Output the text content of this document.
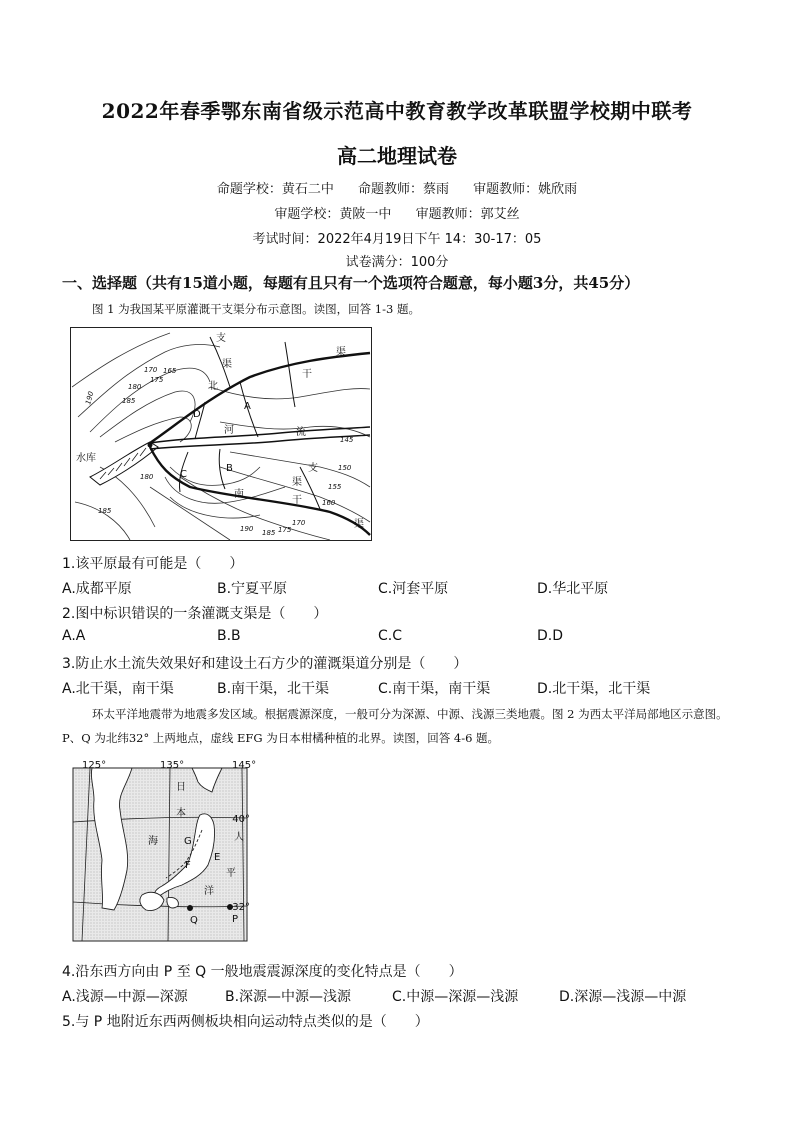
2022年春季鄂东南省级示范高中教育教学改革联盟学校期中联考
高二地理试卷
命题学校：黄石二中 命题教师：蔡雨 审题教师：姚欣雨
审题学校：黄陂一中 审题教师：郭艾丝
考试时间：2022年4月19日下午 14：30-17：05
试卷满分：100分
一、选择题（共有15道小题，每题有且只有一个选项符合题意，每小题3分，共45分）
图 1 为我国某平原灌溉干支渠分布示意图。读图，回答 1-3 题。
支
渠
干
渠
北
河	流
南
干
渠
水库
支
渠
A
B
C
D
190	185
180
175
170 165
145
150
155
160
180
185
190 185 175
170
1.该平原最有可能是（　　）
A.成都平原	B.宁夏平原	C.河套平原	D.华北平原
2.图中标识错误的一条灌溉支渠是（　　）
A.A	B.B	C.C	D.D
3.防止水土流失效果好和建设土石方少的灌溉渠道分别是（　　）
A.北干渠，南干渠	B.南干渠，北干渠	C.南干渠，南干渠	D.北干渠，北干渠
环太平洋地震带为地震多发区域。根据震源深度，一般可分为深源、中源、浅源三类地震。图 2 为西太平洋局部地区示意图。P、Q 为北纬32° 上两地点，虚线 EFG 为日本柑橘种植的北界。读图，回答 4-6 题。
125°	135°	145°
40°
32°
日
本
海	人
平
洋
E
F
G
P
Q
4.沿东西方向由 P 至 Q 一般地震震源深度的变化特点是（　　）
A.浅源—中源—深源	B.深源—中源—浅源	C.中源—深源—浅源	D.深源—浅源—中源
5.与 P 地附近东西两侧板块相向运动特点类似的是（　　）
